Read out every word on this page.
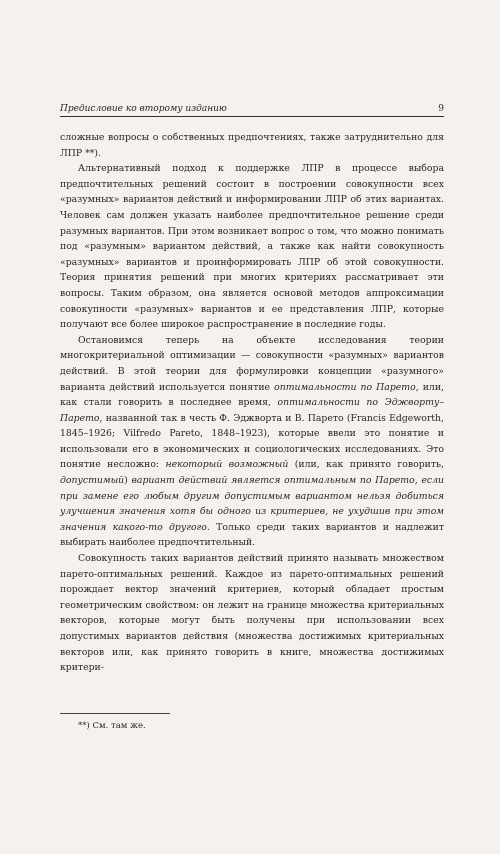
Предисловие ко второму изданию	9

сложные вопросы о собственных предпочтениях, также затруднительно для ЛПР **).

Альтернативный подход к поддержке ЛПР в процессе выбора предпочтительных решений состоит в построении совокупности всех «разумных» вариантов действий и информировании ЛПР об этих вариантах. Человек сам должен указать наиболее предпочтительное решение среди разумных вариантов. При этом возникает вопрос о том, что можно понимать под «разумным» вариантом действий, а также как найти совокупность «разумных» вариантов и проинформировать ЛПР об этой совокупности. Теория принятия решений при многих критериях рассматривает эти вопросы. Таким образом, она является основой методов аппроксимации совокупности «разумных» вариантов и ее представления ЛПР, которые получают все более широкое распространение в последние годы.

Остановимся теперь на объекте исследования теории многокритериальной оптимизации — совокупности «разумных» вариантов действий. В этой теории для формулировки концепции «разумного» варианта действий используется понятие оптимальности по Парето, или, как стали говорить в последнее время, оптимальности по Эджворту–Парето, названной так в честь Ф. Эджворта и В. Парето (Francis Edgeworth, 1845–1926; Vilfredo Pareto, 1848–1923), которые ввели это понятие и использовали его в экономических и социологических исследованиях. Это понятие несложно: некоторый возможный (или, как принято говорить, допустимый) вариант действий является оптимальным по Парето, если при замене его любым другим допустимым вариантом нельзя добиться улучшения значения хотя бы одного из критериев, не ухудшив при этом значения какого-то другого. Только среди таких вариантов и надлежит выбирать наиболее предпочтительный.

Совокупность таких вариантов действий принято называть множеством парето-оптимальных решений. Каждое из парето-оптимальных решений порождает вектор значений критериев, который обладает простым геометрическим свойством: он лежит на границе множества критериальных векторов, которые могут быть получены при использовании всех допустимых вариантов действия (множества достижимых критериальных векторов или, как принято говорить в книге, множества достижимых критери-

**) См. там же.
